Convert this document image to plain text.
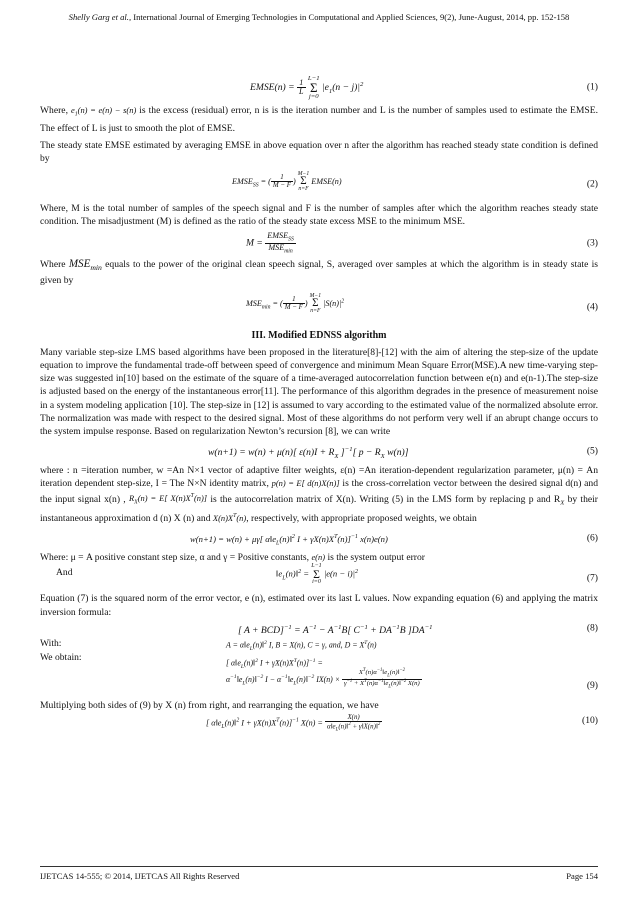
Shelly Garg et al., International Journal of Emerging Technologies in Computational and Applied Sciences, 9(2), June-August, 2014, pp. 152-158
EMSE(n) = $\frac{1}{L}$

L−1
Σ
j=0
$|e_1(n - j)|^2$	(1)

Where, $e_1(n) = e(n) - s(n)$ is the excess (residual) error, n is is the iteration number and L is the number of samples used to estimate the EMSE. The effect of L is just to smooth the plot of EMSE.

The steady state EMSE estimated by averaging EMSE in above equation over n after the algorithm has reached steady state condition is defined by

$EMSE_{SS}$ = ( $\frac{1}{M - F}$ )
M−1
Σ
n=F
EMSE(n)	(2)

Where, M is the total number of samples of the speech signal and F is the number of samples after which the algorithm reaches steady state condition. The misadjustment (M) is defined as the ratio of the steady state excess MSE to the minimum MSE.

$M = \frac{EMSE_{SS}}{MSE_{min}}$	(3)

Where $MSE_{min}$ equals to the power of the original clean speech signal, S, averaged over samples at which the algorithm is in steady state is given by

$MSE_{min}$ = ( $\frac{1}{M - F}$ )
M−1
Σ
n=F
$|S(n)|^2$
(4)
III. Modified EDNSS algorithm

Many variable step-size LMS based algorithms have been proposed in the literature[8]-[12] with the aim of altering the step-size of the update equation to improve the fundamental trade-off between speed of convergence and minimum Mean Square Error(MSE).A new time-varying step-size was suggested in[10] based on the estimate of the square of a time-averaged autocorrelation function between e(n) and e(n-1).The step-size is adjusted based on the energy of the instantaneous error[11]. The performance of this algorithm degrades in the presence of measurement noise in a system modeling application [10]. The step-size in [12] is assumed to vary according to the estimated value of the normalized absolute error. The normalization was made with respect to the desired signal. Most of these algorithms do not perform very well if an abrupt change occurs to the system impulse response. Based on regularization Newton’s recursion [8], we can write

w(n+1) = w(n) + μ(n)[ $\varepsilon(n)I + R_X$ ]$^{-1}$[ $p - R_X$ w(n)]	(5)

where : n =iteration number, w =An N×1 vector of adaptive filter weights, ε(n) =An iteration-dependent regularization parameter, μ(n) = An iteration dependent step-size, I = The N×N identity matrix, p(n) = E[ d(n)X(n)] is the cross-correlation vector between the desired signal d(n) and the input signal x(n) , $R_X(n) = E$[ $X(n)X^T(n)$] is the autocorrelation matrix of X(n). Writing (5) in the LMS form by replacing p and $R_X$ by their instantaneous approximation d (n) X (n) and $X(n)X^T(n)$, respectively, with appropriate proposed weights, we obtain

w(n+1) = w(n) + μγ[ $\alpha‖e_L(n)‖^2$ $I + \gamma X(n)X^T(n)]^{-1}$ x(n)e(n)	(6)

Where: μ = A positive constant step size, α and γ = Positive constants, e(n) is the system output error

And	$‖e_L(n)‖^2$ =
L−1
Σ
i=0
$|e(n - i)|^2$
(7)

Equation (7) is the squared norm of the error vector, e (n), estimated over its last L values. Now expanding equation (6) and applying the matrix inversion formula:

[ $A + BCD]^{-1} = A^{-1} - A^{-1}B$[ $C^{-1} + DA^{-1}B$ ]$DA^{-1}$	(8)
With:	$A = \alpha‖e_L(n)‖^2$ I, B = X(n), C = γ, and, $D = X^T(n)$
We obtain:
[ $\alpha‖e_L(n)‖^2$ $I + \gamma X(n)X^T(n)]^{-1}$ =
$\alpha^{-1}‖e_L(n)‖^{-2}$ $I - \alpha^{-1}‖e_L(n)‖^{-2}$ $IX(n) \times \frac{X^T(n)\alpha^{-1}‖e_L(n)‖^{-2}}{\gamma^{-1} + X^T(n)\alpha^{-1}‖e_L(n)‖^{-2} X(n)}$	(9)

Multiplying both sides of (9) by X (n) from right, and rearranging the equation, we have

[ $\alpha‖e_L(n)‖^2$ $I + \gamma X(n)X^T(n)]^{-1}$ $X(n) = \frac{X(n)}{\alpha‖e_L(n)‖^2 + \gamma‖X(n)‖^2}$	(10)
IJETCAS 14-555; © 2014, IJETCAS All Rights Reserved	Page 154
